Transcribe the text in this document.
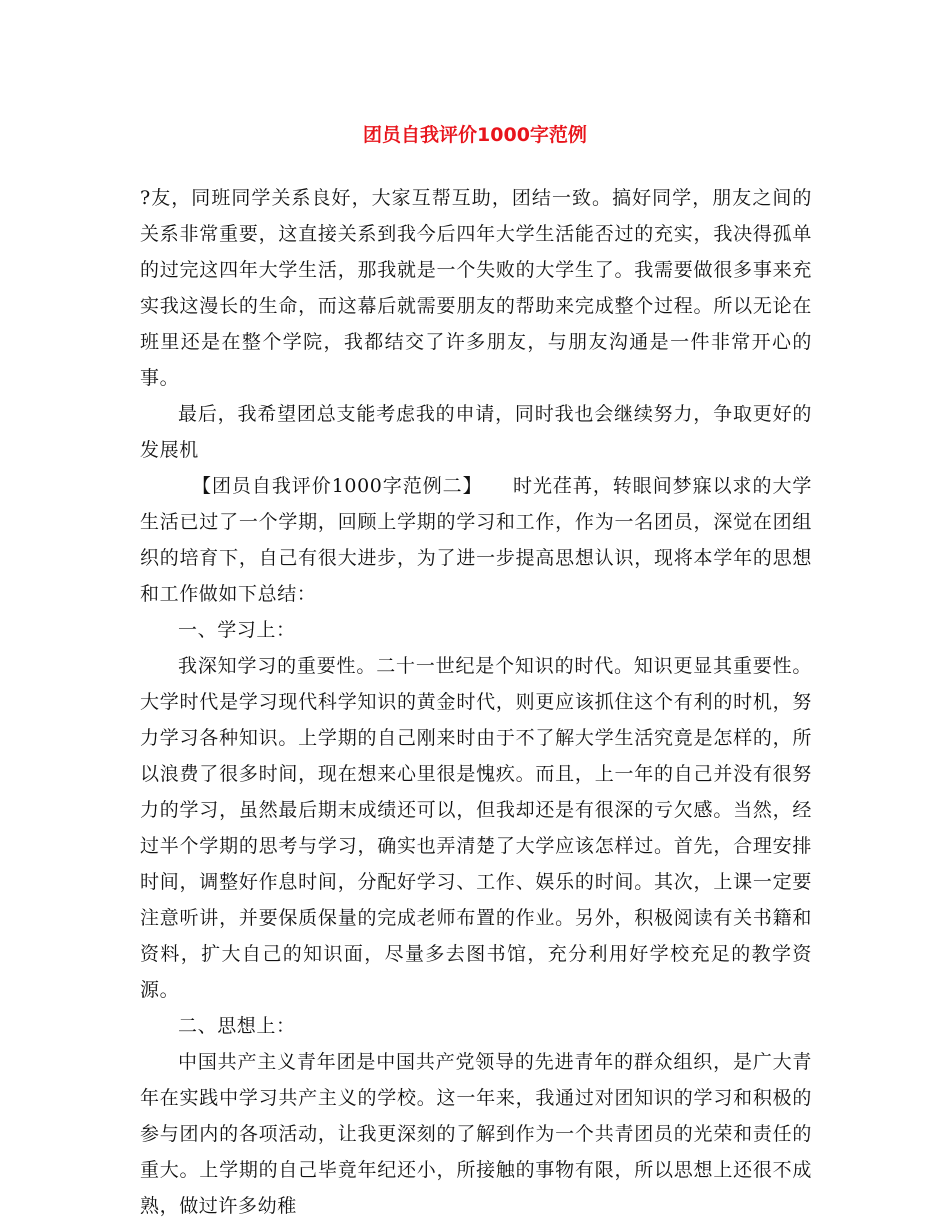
团员自我评价1000字范例

?友，同班同学关系良好，大家互帮互助，团结一致。搞好同学，朋友之间的关系非常重要，这直接关系到我今后四年大学生活能否过的充实，我决得孤单的过完这四年大学生活，那我就是一个失败的大学生了。我需要做很多事来充实我这漫长的生命，而这幕后就需要朋友的帮助来完成整个过程。所以无论在班里还是在整个学院，我都结交了许多朋友，与朋友沟通是一件非常开心的事。

最后，我希望团总支能考虑我的申请，同时我也会继续努力，争取更好的发展机

【团员自我评价1000字范例二】　　时光荏苒，转眼间梦寐以求的大学生活已过了一个学期，回顾上学期的学习和工作，作为一名团员，深觉在团组织的培育下，自己有很大进步，为了进一步提高思想认识，现将本学年的思想和工作做如下总结：

一、学习上：

我深知学习的重要性。二十一世纪是个知识的时代。知识更显其重要性。大学时代是学习现代科学知识的黄金时代，则更应该抓住这个有利的时机，努力学习各种知识。上学期的自己刚来时由于不了解大学生活究竟是怎样的，所以浪费了很多时间，现在想来心里很是愧疚。而且，上一年的自己并没有很努力的学习，虽然最后期末成绩还可以，但我却还是有很深的亏欠感。当然，经过半个学期的思考与学习，确实也弄清楚了大学应该怎样过。首先，合理安排时间，调整好作息时间，分配好学习、工作、娱乐的时间。其次，上课一定要注意听讲，并要保质保量的完成老师布置的作业。另外，积极阅读有关书籍和资料，扩大自己的知识面，尽量多去图书馆，充分利用好学校充足的教学资源。

二、思想上：

中国共产主义青年团是中国共产党领导的先进青年的群众组织，是广大青年在实践中学习共产主义的学校。这一年来，我通过对团知识的学习和积极的参与团内的各项活动，让我更深刻的了解到作为一个共青团员的光荣和责任的重大。上学期的自己毕竟年纪还小，所接触的事物有限，所以思想上还很不成熟，做过许多幼稚
